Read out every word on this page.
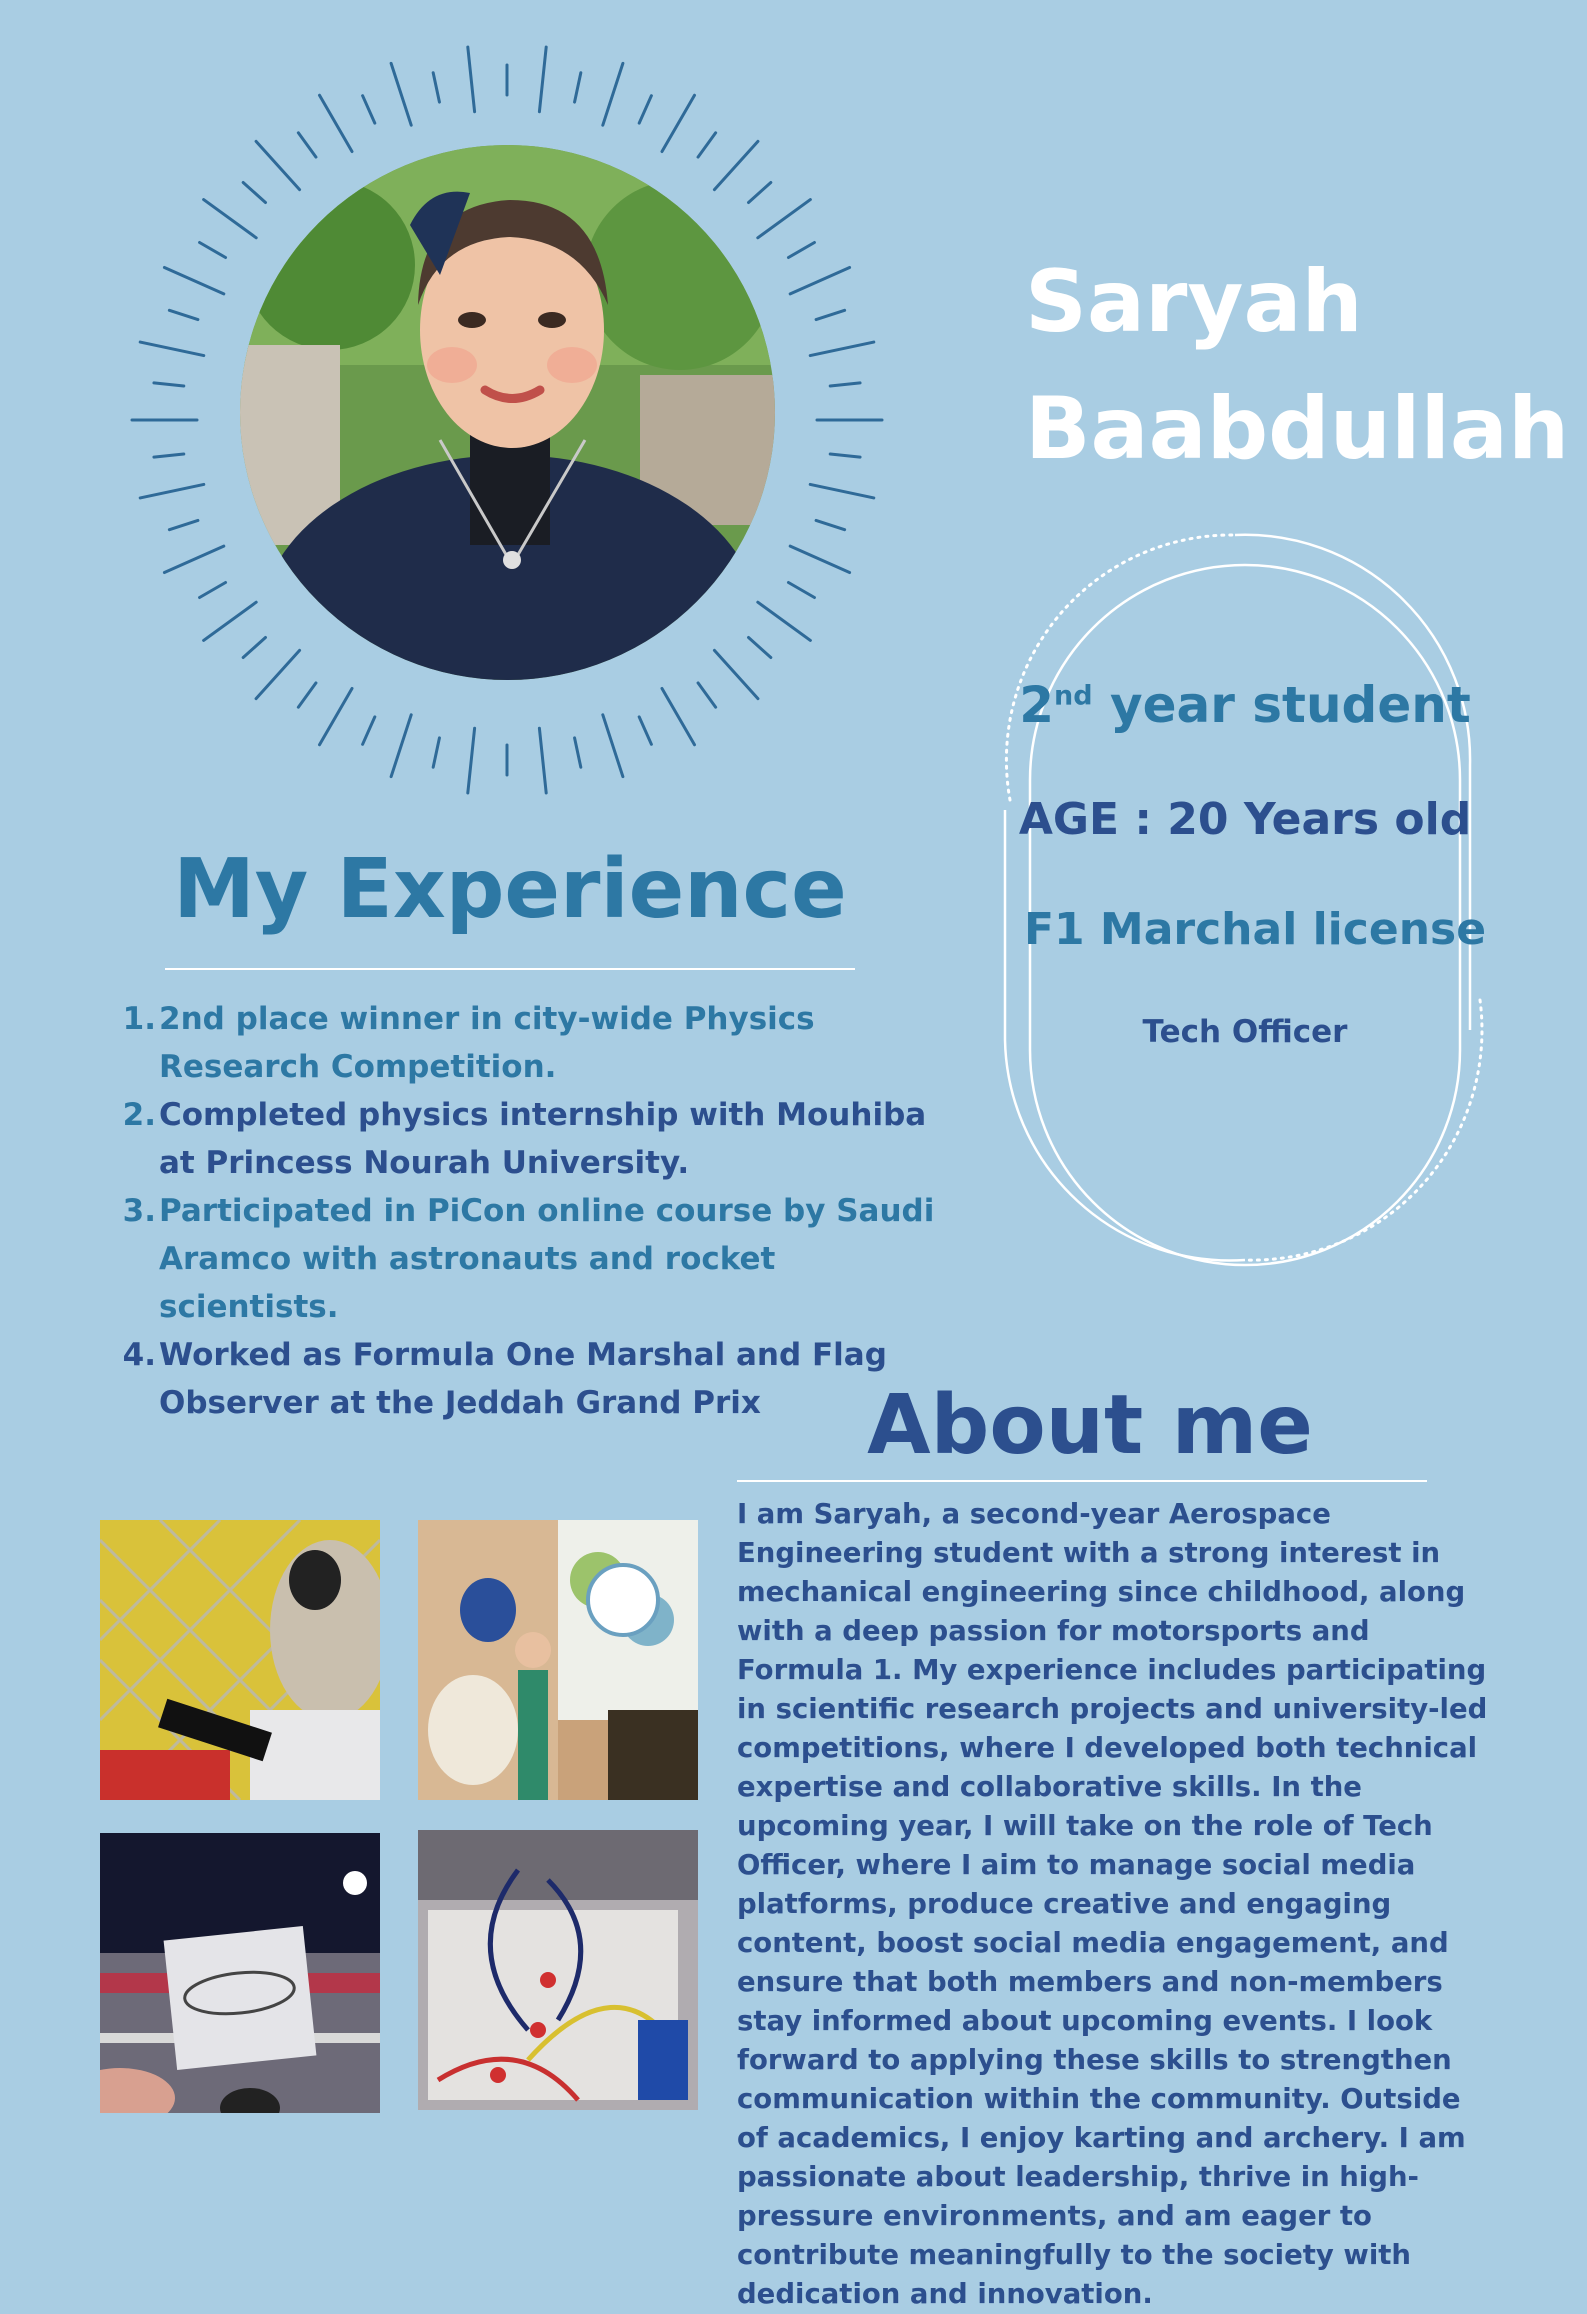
Saryah
Baabdullah
2nd year student
AGE : 20 Years old
F1 Marchal license
Tech Officer
My Experience
1. 2nd place winner in city-wide Physics Research Competition.
2. Completed physics internship with Mouhiba at Princess Nourah University.
3. Participated in PiCon online course by Saudi Aramco with astronauts and rocket scientists.
4. Worked as Formula One Marshal and Flag Observer at the Jeddah Grand Prix	About me

I am Saryah, a second-year Aerospace Engineering student with a strong interest in mechanical engineering since childhood, along with a deep passion for motorsports and Formula 1. My experience includes participating in scientific research projects and university-led competitions, where I developed both technical expertise and collaborative skills. In the upcoming year, I will take on the role of Tech Officer, where I aim to manage social media platforms, produce creative and engaging content, boost social media engagement, and ensure that both members and non-members stay informed about upcoming events. I look forward to applying these skills to strengthen communication within the community. Outside of academics, I enjoy karting and archery. I am passionate about leadership, thrive in high-pressure environments, and am eager to contribute meaningfully to the society with dedication and innovation.
